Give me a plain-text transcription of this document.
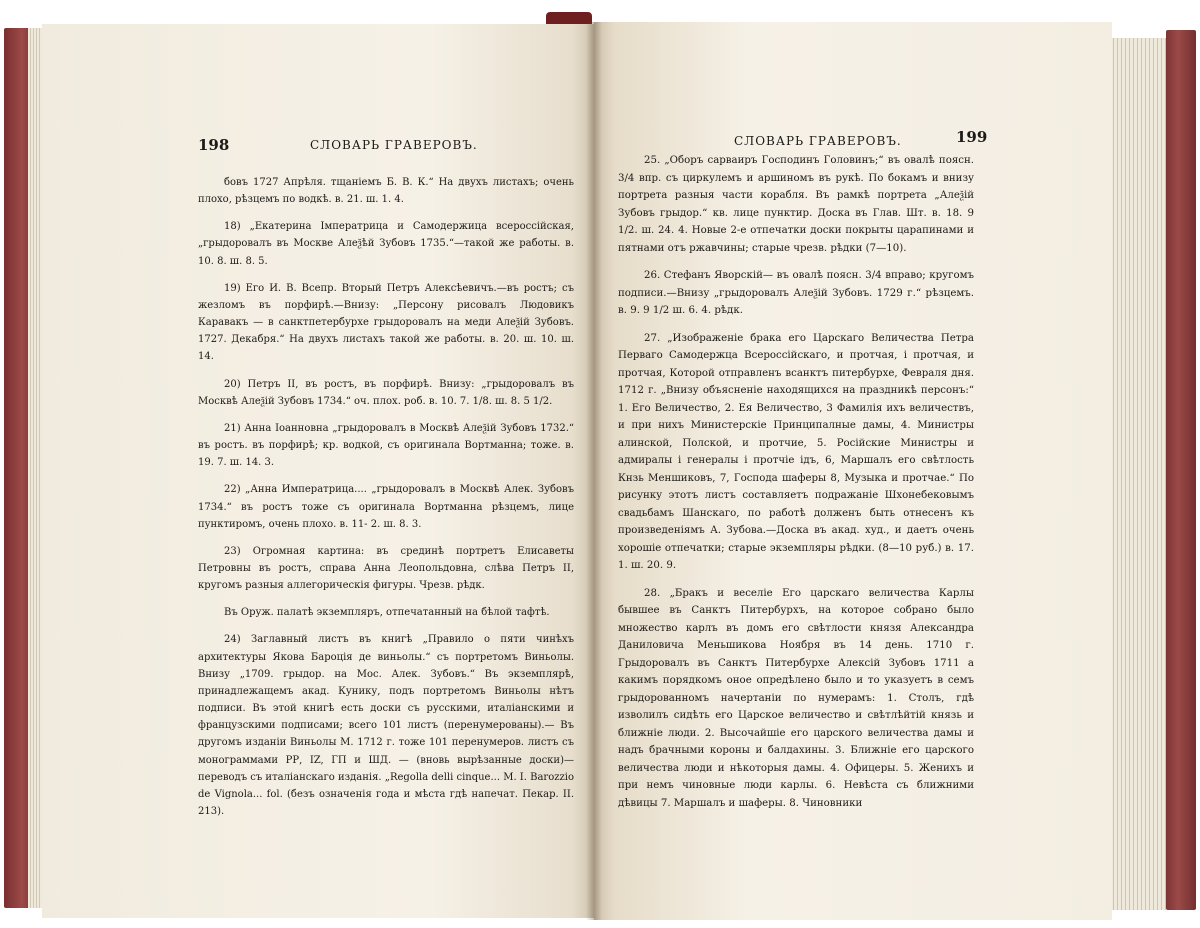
198	СЛОВАРЬ ГРАВЕРОВЪ.

бовъ 1727 Апрѣля. тщаніемъ Б. В. К.“ На двухъ листахъ; очень плохо, рѣзцемъ по водкѣ. в. 21. ш. 1. 4.

18) „Екатерина Імператрица и Самодержица всероссійская, „грыдоровалъ въ Москве Алеѯѣй Зубовъ 1735.“—такой же работы. в. 10. 8. ш. 8. 5.

19) Его И. В. Всепр. Вторый Петръ Алексѣевичъ.—въ ростъ; съ жезломъ въ порфирѣ.—Внизу: „Персону рисовалъ Людовикъ Каравакъ — в санктпетербурхе грыдоровалъ на меди Алеѯій Зубовъ. 1727. Декабря.“ На двухъ листахъ такой же работы. в. 20. ш. 10. ш. 14.

20) Петръ II, въ ростъ, въ порфирѣ. Внизу: „грыдоровалъ въ Москвѣ Алеѯій Зубовъ 1734.“ оч. плох. роб. в. 10. 7. 1/8. ш. 8. 5 1/2.

21) Анна Іоанновна „грыдоровалъ в Москвѣ Алеѯій Зубовъ 1732.“ въ ростъ. въ порфирѣ; кр. водкой, съ оригинала Вортманна; тоже. в. 19. 7. ш. 14. 3.

22) „Анна Императрица.... „грыдоровалъ в Москвѣ Алек. Зубовъ 1734.“ въ ростъ тоже съ оригинала Вортманна рѣзцемъ, лице пунктиромъ, очень плохо. в. 11- 2. ш. 8. 3.

23) Огромная картина: въ срединѣ портретъ Елисаветы Петровны въ ростъ, справа Анна Леопольдовна, слѣва Петръ II, кругомъ разныя аллегорическія фигуры. Чрезв. рѣдк.

Въ Оруж. палатѣ экземпляръ, отпечатанный на бѣлой тафтѣ.

24) Заглавный листъ въ книгѣ „Правило о пяти чинѣхъ архитектуры Якова Бароція де виньолы.“ съ портретомъ Виньолы. Внизу „1709. грыдор. на Мос. Алек. Зубовъ.“ Въ экземплярѣ, принадлежащемъ акад. Кунику, подъ портретомъ Виньолы нѣтъ подписи. Въ этой книгѣ есть доски съ русскими, италіанскими и французскими подписами; всего 101 листъ (перенумерованы).— Въ другомъ изданіи Виньолы М. 1712 г. тоже 101 перенумеров. листъ съ монограммами РР, IZ, ГП и ШД. — (вновь вырѣзанные доски)—переводъ съ италіанскаго изданія. „Regolla delli cinque... M. I. Barozzio de Vignola... fol. (безъ означенія года и мѣста гдѣ напечат. Пекар. II. 213).

СЛОВАРЬ ГРАВЕРОВЪ.	199

25. „Оборъ сарваиръ Господинъ Головинъ;“ въ овалѣ поясн. 3/4 впр. съ циркулемъ и аршиномъ въ рукѣ. По бокамъ и внизу портрета разныя части корабля. Въ рамкѣ портрета „Алеѯій Зубовъ грыдор.“ кв. лице пунктир. Доска въ Глав. Шт. в. 18. 9 1/2. ш. 24. 4. Новые 2-е отпечатки доски покрыты царапинами и пятнами отъ ржавчины; старые чрезв. рѣдки (7—10).

26. Стефанъ Яворскій— въ овалѣ поясн. 3/4 вправо; кругомъ подписи.—Внизу „грыдоровалъ Алеѯій Зубовъ. 1729 г.“ рѣзцемъ. в. 9. 9 1/2 ш. 6. 4. рѣдк.

27. „Изображеніе брака его Царскаго Величества Петра Перваго Самодержца Всероссійскаго, и протчая, і протчая, и протчая, Которой отправленъ всанктъ питербурхе, Февраля дня. 1712 г. „Внизу объясненіе находящихся на праздникѣ персонъ:“ 1. Его Величество, 2. Ея Величество, 3 Фамилія ихъ величествъ, и при нихъ Министерскіе Принципалные дамы, 4. Министры алинской, Полской, и протчие, 5. Російские Министры и адмиралы і генералы і протчіе ідъ, 6, Маршалъ его свѣтлость Кнзь Меншиковъ, 7, Господа шаферы 8, Музыка и протчае.“ По рисунку этотъ листъ составляетъ подражаніе Шхонебековымъ свадьбамъ Шанскаго, по работѣ долженъ быть отнесенъ къ произведеніямъ А. Зубова.—Доска въ акад. худ., и даетъ очень хорошіе отпечатки; старые экземпляры рѣдки. (8—10 руб.) в. 17. 1. ш. 20. 9.

28. „Бракъ и веселіе Его царскаго величества Карлы бывшее въ Санктъ Питербурхъ, на которое собрано было множество карлъ въ домъ его свѣтлости князя Александра Даниловича Меньшикова Ноября въ 14 день. 1710 г. Грыдоровалъ въ Санктъ Питербурхе Алексій Зубовъ 1711 а какимъ порядкомъ оное опредѣлено было и то указуетъ в семъ грыдорованномъ начертаніи по нумерамъ: 1. Столъ, гдѣ изволилъ сидѣть его Царское величество и свѣтлѣйтій князь и ближніе люди. 2. Высочайшіе его царского величества дамы и надъ брачными короны и балдахины. 3. Ближніе его царского величества люди и нѣкоторыя дамы. 4. Офицеры. 5. Женихъ и при немъ чиновные люди карлы. 6. Невѣста съ ближними дѣвицы 7. Маршалъ и шаферы. 8. Чиновники
